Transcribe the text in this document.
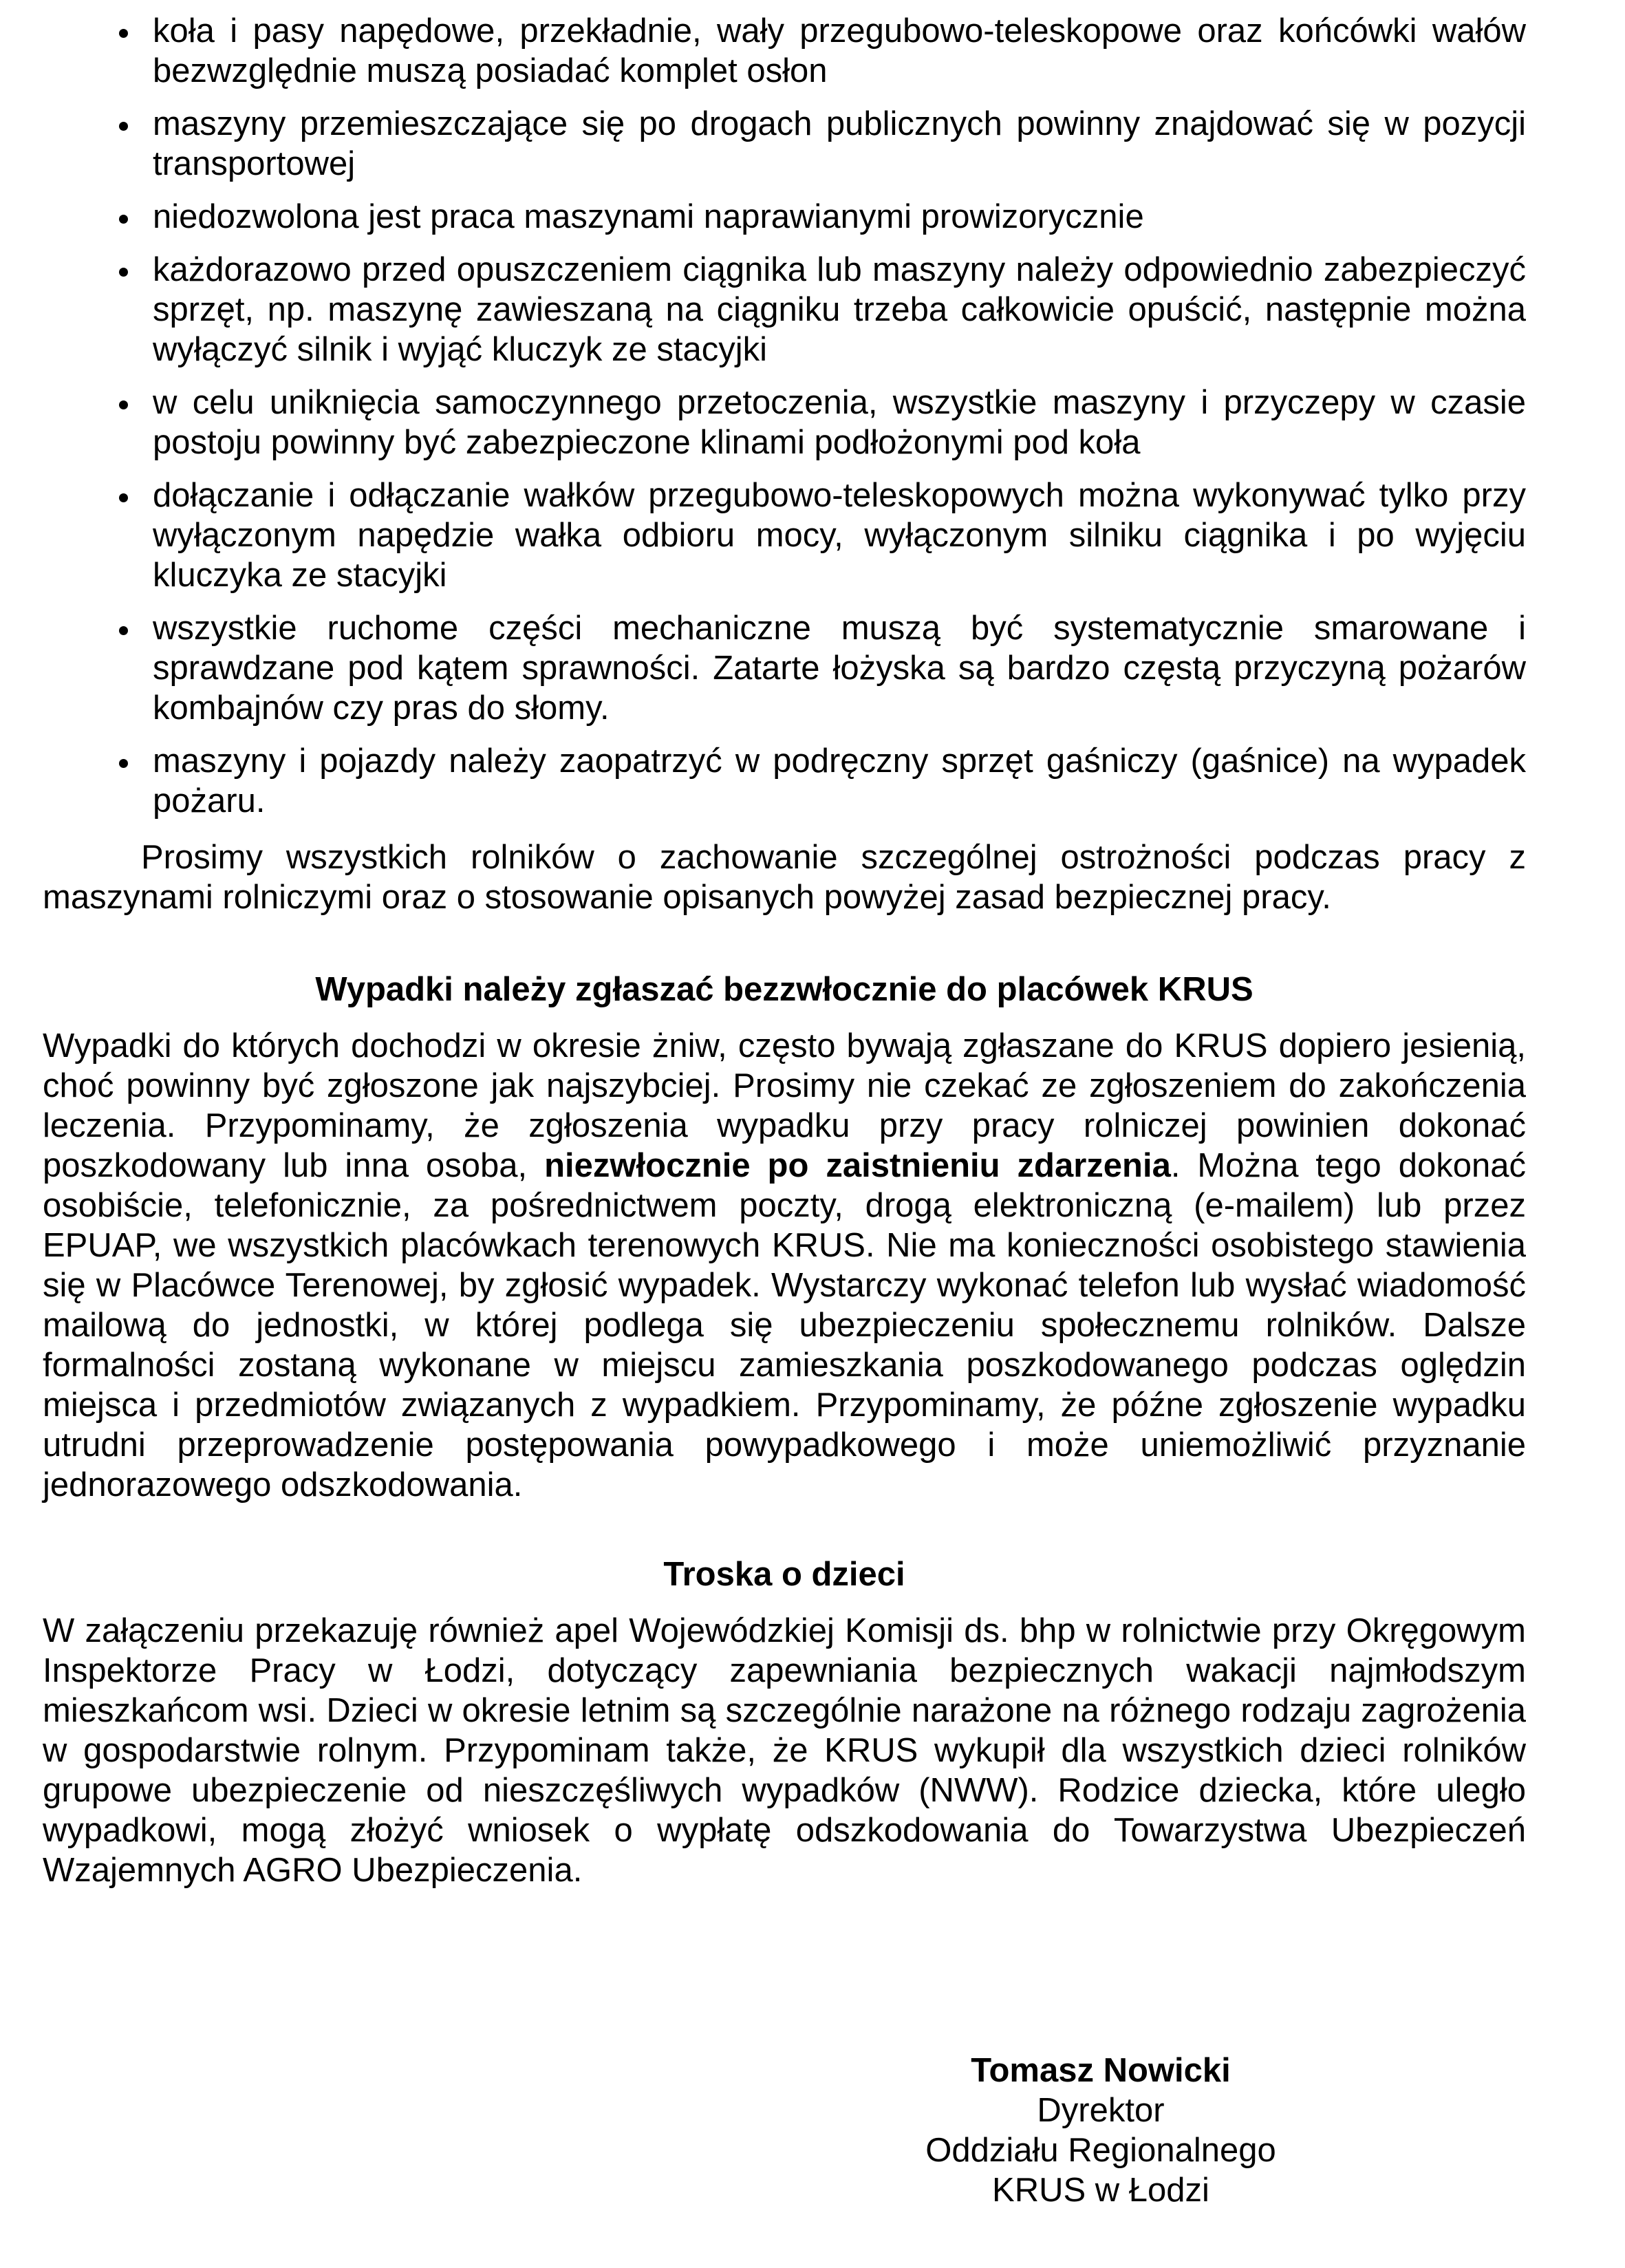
koła i pasy napędowe, przekładnie, wały przegubowo-teleskopowe oraz końcówki wałów bezwzględnie muszą posiadać komplet osłon
maszyny przemieszczające się po drogach publicznych powinny znajdować się w pozycji transportowej
niedozwolona jest praca maszynami naprawianymi prowizorycznie
każdorazowo przed opuszczeniem ciągnika lub maszyny należy odpowiednio zabezpieczyć sprzęt, np. maszynę zawieszaną na ciągniku trzeba całkowicie opuścić, następnie można wyłączyć silnik i wyjąć kluczyk ze stacyjki
w celu uniknięcia samoczynnego przetoczenia, wszystkie maszyny i przyczepy w czasie postoju powinny być zabezpieczone klinami podłożonymi pod koła
dołączanie i odłączanie wałków przegubowo-teleskopowych można wykonywać tylko przy wyłączonym napędzie wałka odbioru mocy, wyłączonym silniku ciągnika i po wyjęciu kluczyka ze stacyjki
wszystkie ruchome części mechaniczne muszą być systematycznie smarowane i sprawdzane pod kątem sprawności. Zatarte łożyska są bardzo częstą przyczyną pożarów kombajnów czy pras do słomy.
maszyny i pojazdy należy zaopatrzyć w podręczny sprzęt gaśniczy (gaśnice) na wypadek pożaru.

Prosimy wszystkich rolników o zachowanie szczególnej ostrożności podczas pracy z maszynami rolniczymi oraz o stosowanie opisanych powyżej zasad bezpiecznej pracy.

Wypadki należy zgłaszać bezzwłocznie do placówek KRUS

Wypadki do których dochodzi w okresie żniw, często bywają zgłaszane do KRUS dopiero jesienią, choć powinny być zgłoszone jak najszybciej. Prosimy nie czekać ze zgłoszeniem do zakończenia leczenia. Przypominamy, że zgłoszenia wypadku przy pracy rolniczej powinien dokonać poszkodowany lub inna osoba, niezwłocznie po zaistnieniu zdarzenia. Można tego dokonać osobiście, telefonicznie, za pośrednictwem poczty, drogą elektroniczną (e-mailem) lub przez EPUAP, we wszystkich placówkach terenowych KRUS. Nie ma konieczności osobistego stawienia się w Placówce Terenowej, by zgłosić wypadek. Wystarczy wykonać telefon lub wysłać wiadomość mailową do jednostki, w której podlega się ubezpieczeniu społecznemu rolników. Dalsze formalności zostaną wykonane w miejscu zamieszkania poszkodowanego podczas oględzin miejsca i przedmiotów związanych z wypadkiem. Przypominamy, że późne zgłoszenie wypadku utrudni przeprowadzenie postępowania powypadkowego i może uniemożliwić przyznanie jednorazowego odszkodowania.

Troska o dzieci

W załączeniu przekazuję również apel Wojewódzkiej Komisji ds. bhp w rolnictwie przy Okręgowym Inspektorze Pracy w Łodzi, dotyczący zapewniania bezpiecznych wakacji najmłodszym mieszkańcom wsi. Dzieci w okresie letnim są szczególnie narażone na różnego rodzaju zagrożenia w gospodarstwie rolnym. Przypominam także, że KRUS wykupił dla wszystkich dzieci rolników grupowe ubezpieczenie od nieszczęśliwych wypadków (NWW). Rodzice dziecka, które uległo wypadkowi, mogą złożyć wniosek o wypłatę odszkodowania do Towarzystwa Ubezpieczeń Wzajemnych AGRO Ubezpieczenia.

Tomasz Nowicki
Dyrektor
Oddziału Regionalnego
KRUS w Łodzi
